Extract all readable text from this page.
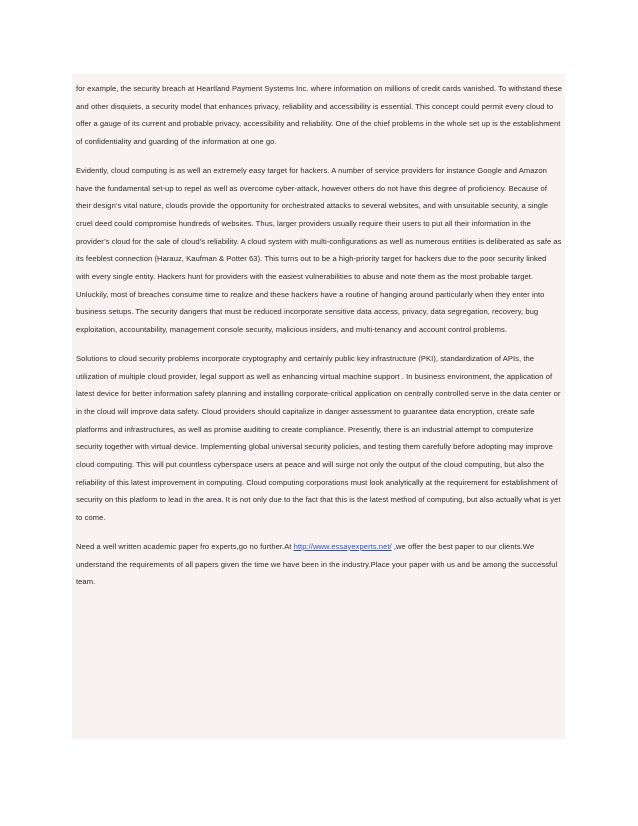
for example, the security breach at Heartland Payment Systems Inc. where information on millions of credit cards vanished. To withstand these and other disquiets, a security model that enhances privacy, reliability and accessibility is essential. This concept could permit every cloud to offer a gauge of its current and probable privacy, accessibility and reliability. One of the chief problems in the whole set up is the establishment of confidentiality and guarding of the information at one go.

Evidently, cloud computing is as well an extremely easy target for hackers. A number of service providers for instance Google and Amazon have the fundamental set-up to repel as well as overcome cyber-attack, however others do not have this degree of proficiency. Because of their design’s vital nature, clouds provide the opportunity for orchestrated attacks to several websites, and with unsuitable security, a single cruel deed could compromise hundreds of websites. Thus, larger providers usually require their users to put all their information in the provider’s cloud for the sale of cloud’s reliability. A cloud system with multi-configurations as well as numerous entities is deliberated as safe as its feeblest connection (Harauz, Kaufman & Potter 63). This turns out to be a high-priority target for hackers due to the poor security linked with every single entity. Hackers hunt for providers with the easiest vulnerabilities to abuse and note them as the most probable target. Unluckily, most of breaches consume time to realize and these hackers have a routine of hanging around particularly when they enter into business setups. The security dangers that must be reduced incorporate sensitive data access, privacy, data segregation, recovery, bug exploitation, accountability, management console security, malicious insiders, and multi-tenancy and account control problems.

Solutions to cloud security problems incorporate cryptography and certainly public key infrastructure (PKI), standardization of APIs, the utilization of multiple cloud provider, legal support as well as enhancing virtual machine support . In business environment, the application of latest device for better information safety planning and installing corporate-critical application on centrally controlled serve in the data center or in the cloud will improve data safety. Cloud providers should capitalize in danger assessment to guarantee data encryption, create safe platforms and infrastructures, as well as promise auditing to create compliance. Presently, there is an industrial attempt to computerize security together with virtual device. Implementing global universal security policies, and testing them carefully before adopting may improve cloud computing. This will put countless cyberspace users at peace and will surge not only the output of the cloud computing, but also the reliability of this latest improvement in computing. Cloud computing corporations must look analytically at the requirement for establishment of security on this platform to lead in the area. It is not only due to the fact that this is the latest method of computing, but also actually what is yet to come.

Need a well written academic paper fro experts,go no further.At http://www.essayexperts.net/ ,we offer the best paper to our clients.We understand the requirements of all papers given the time we have been in the industry.Place your paper with us and be among the successful team.
